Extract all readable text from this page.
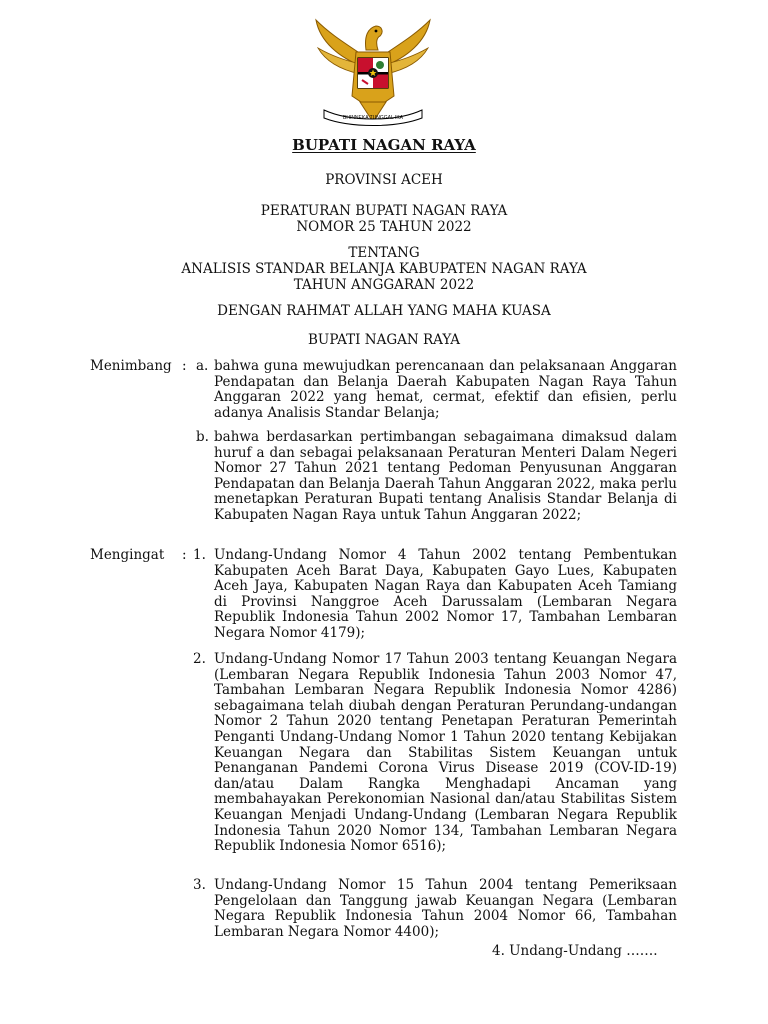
BHINNEKA TUNGGAL IKA
BUPATI NAGAN RAYA
PROVINSI ACEH
PERATURAN BUPATI NAGAN RAYA
NOMOR 25 TAHUN 2022
TENTANG
ANALISIS STANDAR BELANJA KABUPATEN NAGAN RAYA
TAHUN ANGGARAN 2022
DENGAN RAHMAT ALLAH YANG MAHA KUASA
BUPATI NAGAN RAYA
Menimbang : a. bahwa guna mewujudkan perencanaan dan pelaksanaan Anggaran Pendapatan dan Belanja Daerah Kabupaten Nagan Raya Tahun Anggaran 2022 yang hemat, cermat, efektif dan efisien, perlu adanya Analisis Standar Belanja;
b. bahwa berdasarkan pertimbangan sebagaimana dimaksud dalam huruf a dan sebagai pelaksanaan Peraturan Menteri Dalam Negeri Nomor 27 Tahun 2021 tentang Pedoman Penyusunan Anggaran Pendapatan dan Belanja Daerah Tahun Anggaran 2022, maka perlu menetapkan Peraturan Bupati tentang Analisis Standar Belanja di Kabupaten Nagan Raya untuk Tahun Anggaran 2022;
Mengingat	: 1. Undang-Undang Nomor 4 Tahun 2002 tentang Pembentukan Kabupaten Aceh Barat Daya, Kabupaten Gayo Lues, Kabupaten Aceh Jaya, Kabupaten Nagan Raya dan Kabupaten Aceh Tamiang di Provinsi Nanggroe Aceh Darussalam (Lembaran Negara Republik Indonesia Tahun 2002 Nomor 17, Tambahan Lembaran Negara Nomor 4179);
2. Undang-Undang Nomor 17 Tahun 2003 tentang Keuangan Negara (Lembaran Negara Republik Indonesia Tahun 2003 Nomor 47, Tambahan Lembaran Negara Republik Indonesia Nomor 4286) sebagaimana telah diubah dengan Peraturan Perundang-undangan Nomor 2 Tahun 2020 tentang Penetapan Peraturan Pemerintah Penganti Undang-Undang Nomor 1 Tahun 2020 tentang Kebijakan Keuangan Negara dan Stabilitas Sistem Keuangan untuk Penanganan Pandemi Corona Virus Disease 2019 (COV-ID-19) dan/atau Dalam Rangka Menghadapi Ancaman yang membahayakan Perekonomian Nasional dan/atau Stabilitas Sistem Keuangan Menjadi Undang-Undang (Lembaran Negara Republik Indonesia Tahun 2020 Nomor 134, Tambahan Lembaran Negara Republik Indonesia Nomor 6516);
3. Undang-Undang Nomor 15 Tahun 2004 tentang Pemeriksaan Pengelolaan dan Tanggung jawab Keuangan Negara (Lembaran Negara Republik Indonesia Tahun 2004 Nomor 66, Tambahan Lembaran Negara Nomor 4400);
4. Undang-Undang …….
